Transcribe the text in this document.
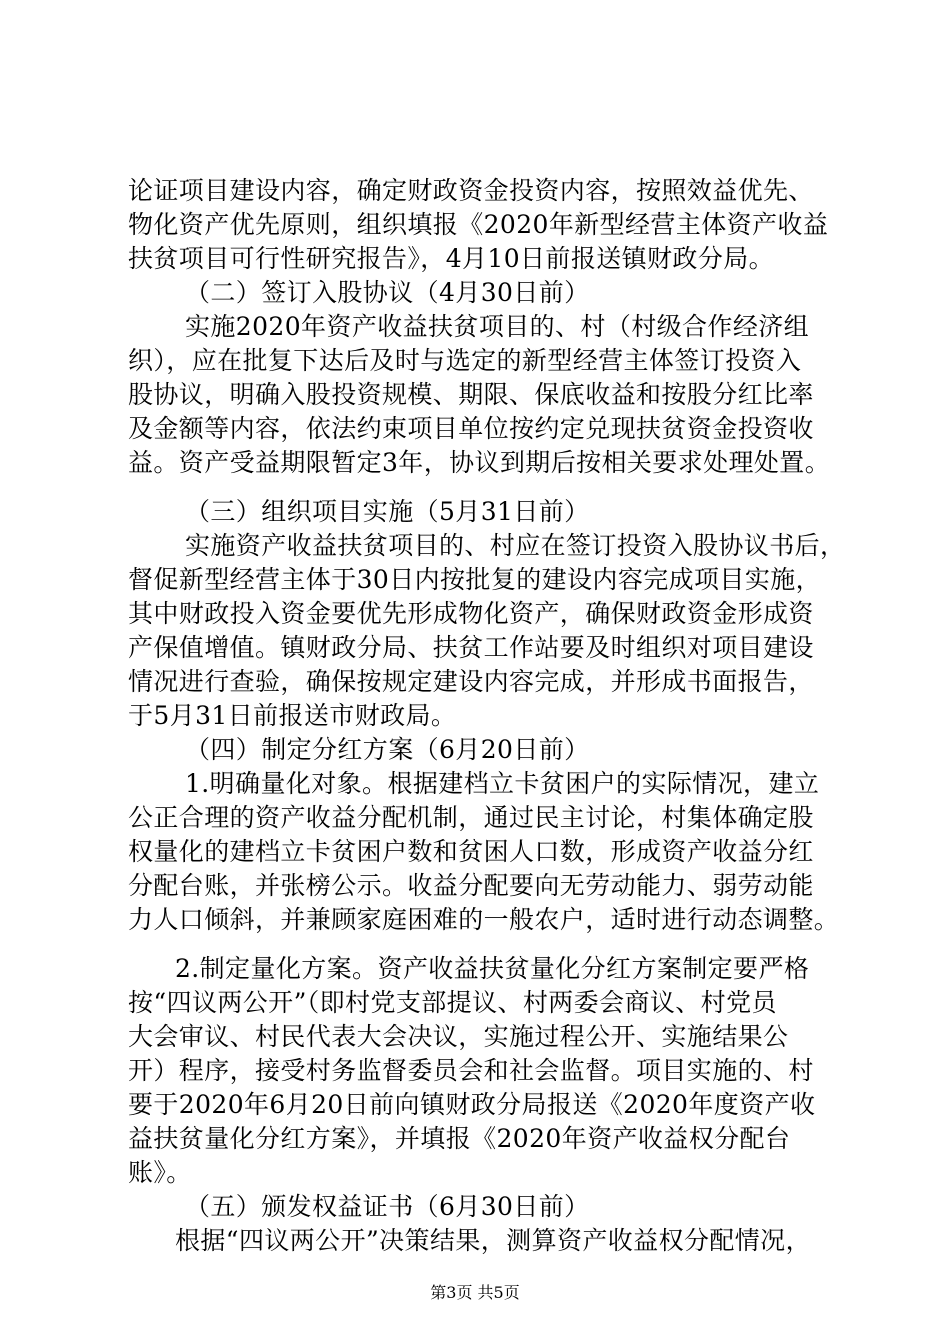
论证项目建设内容，确定财政资金投资内容，按照效益优先、
物化资产优先原则，组织填报《2020年新型经营主体资产收益
扶贫项目可行性研究报告》，4月10日前报送镇财政分局。
（二）签订入股协议（4月30日前）
实施2020年资产收益扶贫项目的、村（村级合作经济组
织），应在批复下达后及时与选定的新型经营主体签订投资入
股协议，明确入股投资规模、期限、保底收益和按股分红比率
及金额等内容，依法约束项目单位按约定兑现扶贫资金投资收
益。资产受益期限暂定3年，协议到期后按相关要求处理处置。
（三）组织项目实施（5月31日前）
实施资产收益扶贫项目的、村应在签订投资入股协议书后，
督促新型经营主体于30日内按批复的建设内容完成项目实施，
其中财政投入资金要优先形成物化资产，确保财政资金形成资
产保值增值。镇财政分局、扶贫工作站要及时组织对项目建设
情况进行查验，确保按规定建设内容完成，并形成书面报告，
于5月31日前报送市财政局。
（四）制定分红方案（6月20日前）
1.明确量化对象。根据建档立卡贫困户的实际情况，建立
公正合理的资产收益分配机制，通过民主讨论，村集体确定股
权量化的建档立卡贫困户数和贫困人口数，形成资产收益分红
分配台账，并张榜公示。收益分配要向无劳动能力、弱劳动能
力人口倾斜，并兼顾家庭困难的一般农户，适时进行动态调整。
2.制定量化方案。资产收益扶贫量化分红方案制定要严格
按“四议两公开”（即村党支部提议、村两委会商议、村党员
大会审议、村民代表大会决议，实施过程公开、实施结果公
开）程序，接受村务监督委员会和社会监督。项目实施的、村
要于2020年6月20日前向镇财政分局报送《2020年度资产收
益扶贫量化分红方案》，并填报《2020年资产收益权分配台
账》。
（五）颁发权益证书（6月30日前）
根据“四议两公开”决策结果，测算资产收益权分配情况，
第3页 共5页
